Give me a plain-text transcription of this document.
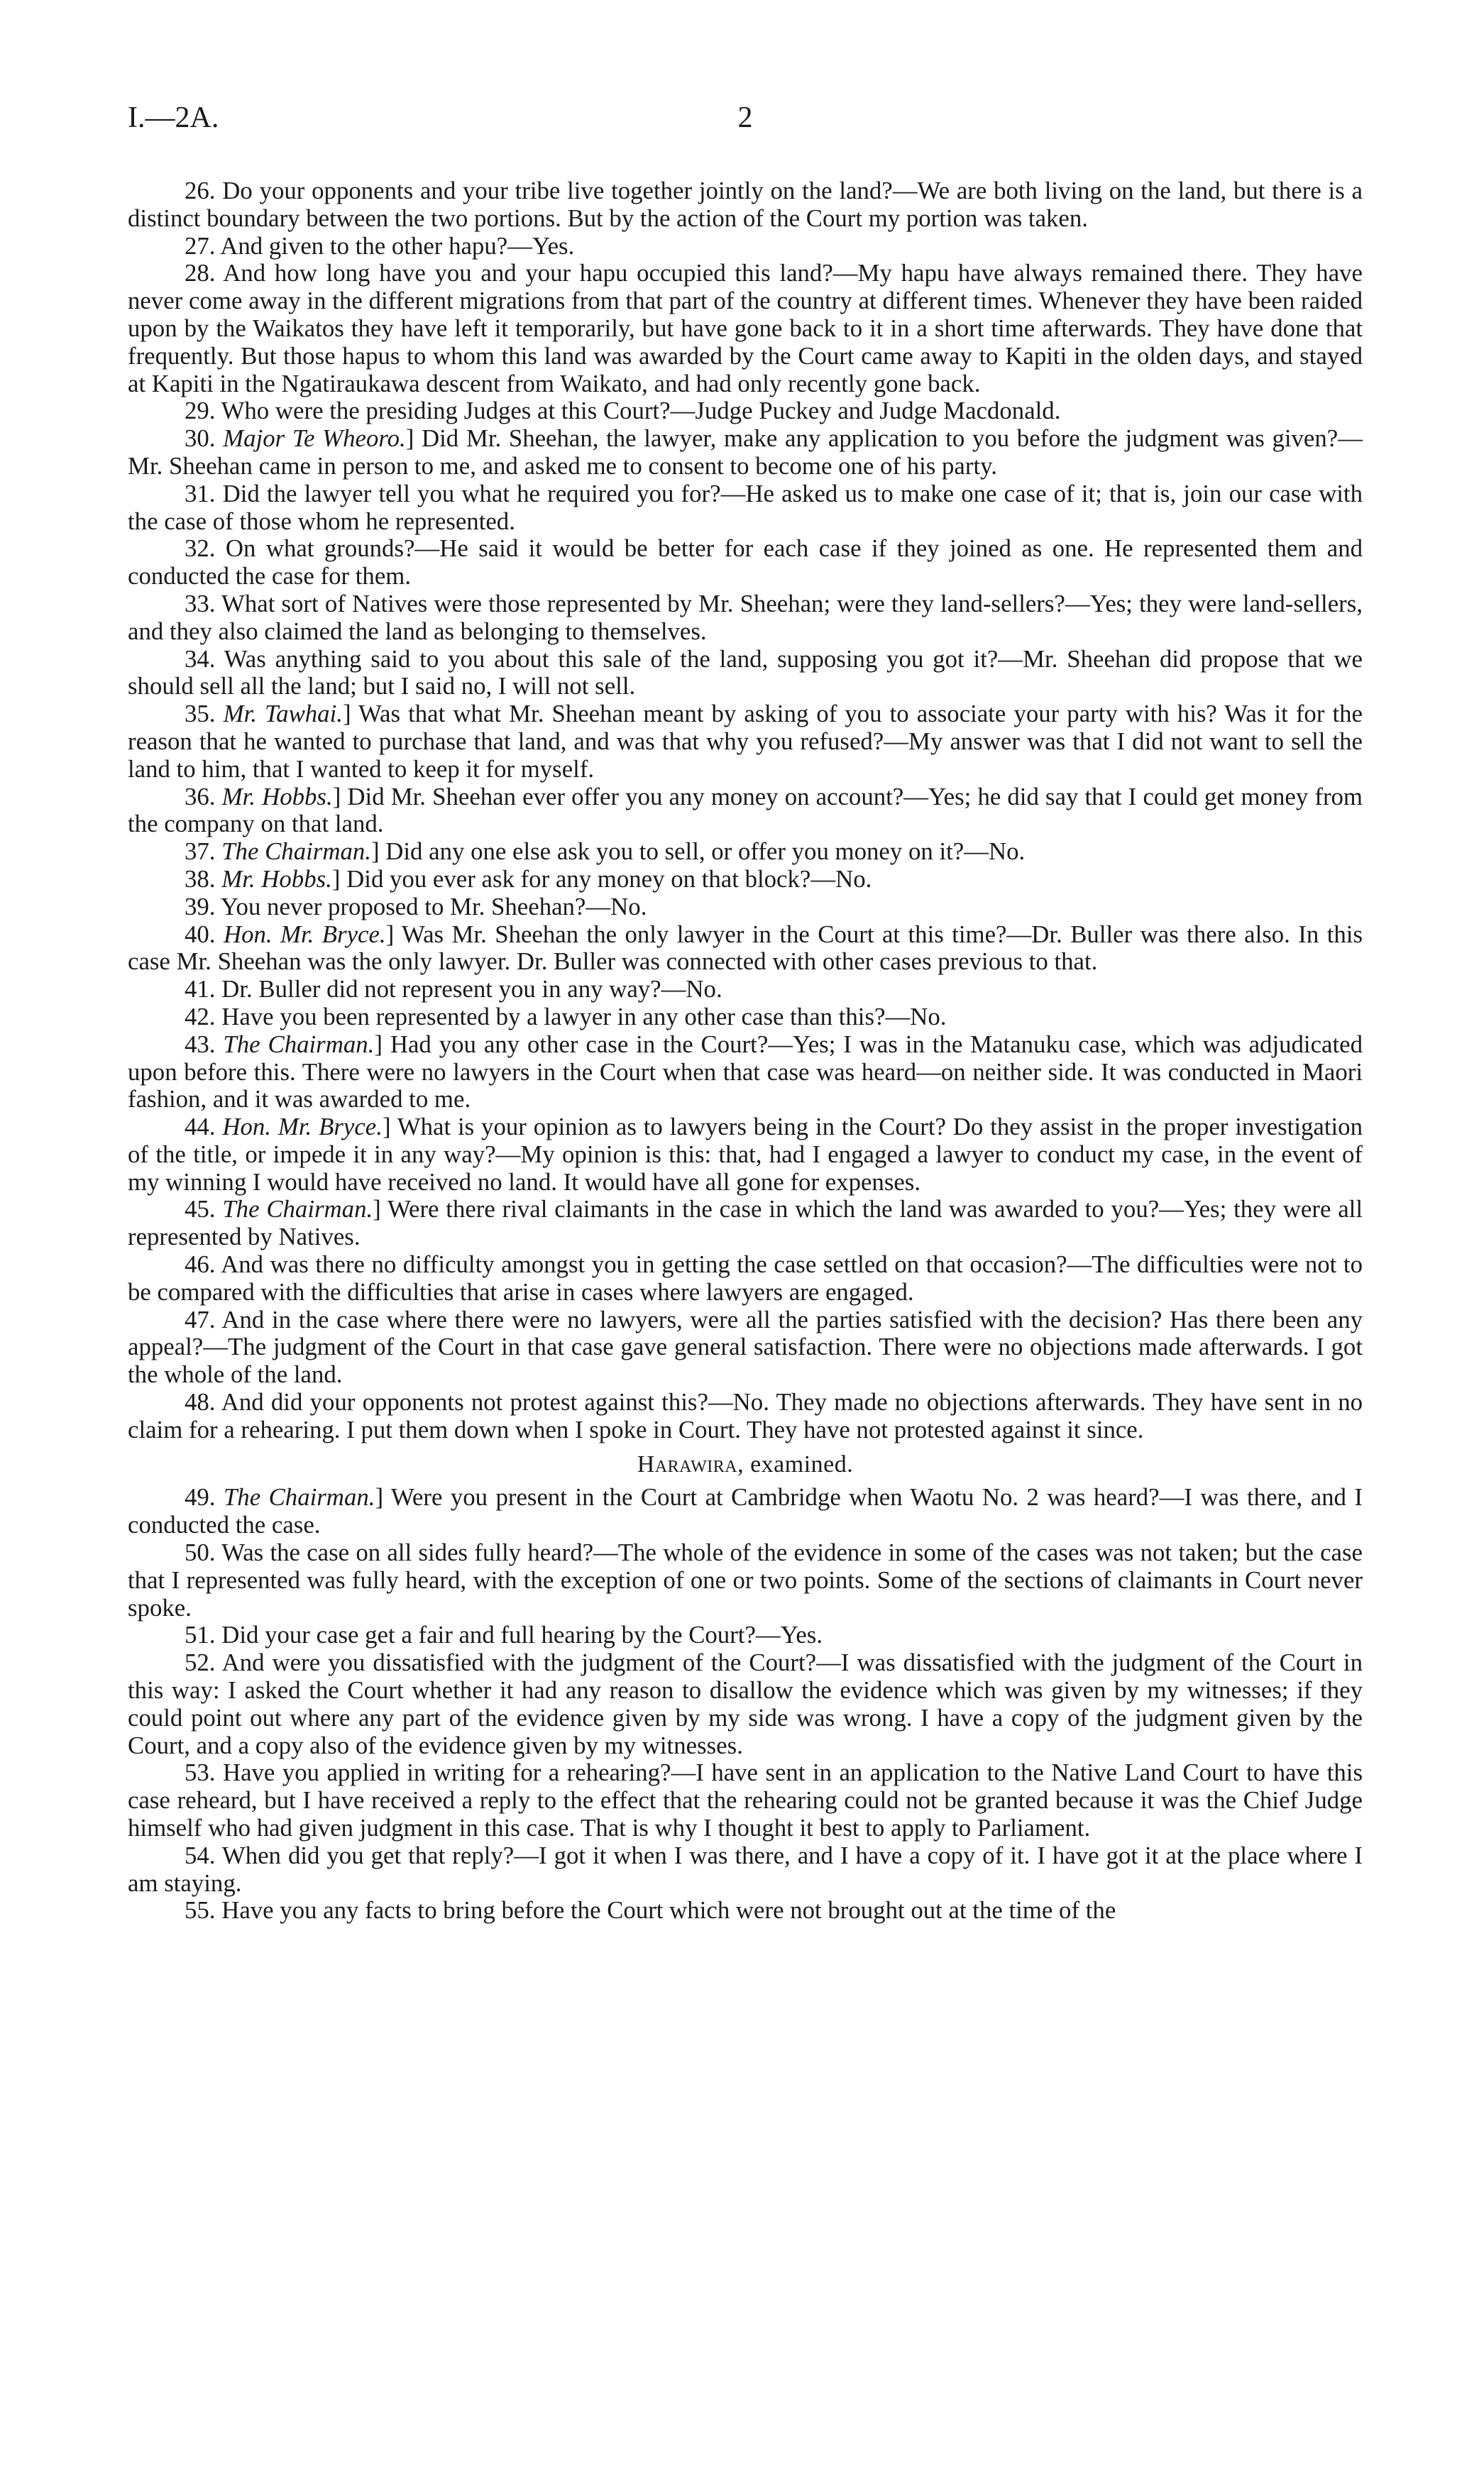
I.—2A.	2

26. Do your opponents and your tribe live together jointly on the land?—We are both living on the land, but there is a distinct boundary between the two portions. But by the action of the Court my portion was taken.

27. And given to the other hapu?—Yes.

28. And how long have you and your hapu occupied this land?—My hapu have always remained there. They have never come away in the different migrations from that part of the country at different times. Whenever they have been raided upon by the Waikatos they have left it temporarily, but have gone back to it in a short time afterwards. They have done that frequently. But those hapus to whom this land was awarded by the Court came away to Kapiti in the olden days, and stayed at Kapiti in the Ngatiraukawa descent from Waikato, and had only recently gone back.

29. Who were the presiding Judges at this Court?—Judge Puckey and Judge Macdonald.

30. Major Te Wheoro.] Did Mr. Sheehan, the lawyer, make any application to you before the judgment was given?—Mr. Sheehan came in person to me, and asked me to consent to become one of his party.

31. Did the lawyer tell you what he required you for?—He asked us to make one case of it; that is, join our case with the case of those whom he represented.

32. On what grounds?—He said it would be better for each case if they joined as one. He represented them and conducted the case for them.

33. What sort of Natives were those represented by Mr. Sheehan; were they land-sellers?—Yes; they were land-sellers, and they also claimed the land as belonging to themselves.

34. Was anything said to you about this sale of the land, supposing you got it?—Mr. Sheehan did propose that we should sell all the land; but I said no, I will not sell.

35. Mr. Tawhai.] Was that what Mr. Sheehan meant by asking of you to associate your party with his? Was it for the reason that he wanted to purchase that land, and was that why you refused?—My answer was that I did not want to sell the land to him, that I wanted to keep it for myself.

36. Mr. Hobbs.] Did Mr. Sheehan ever offer you any money on account?—Yes; he did say that I could get money from the company on that land.

37. The Chairman.] Did any one else ask you to sell, or offer you money on it?—No.

38. Mr. Hobbs.] Did you ever ask for any money on that block?—No.

39. You never proposed to Mr. Sheehan?—No.

40. Hon. Mr. Bryce.] Was Mr. Sheehan the only lawyer in the Court at this time?—Dr. Buller was there also. In this case Mr. Sheehan was the only lawyer. Dr. Buller was connected with other cases previous to that.

41. Dr. Buller did not represent you in any way?—No.

42. Have you been represented by a lawyer in any other case than this?—No.

43. The Chairman.] Had you any other case in the Court?—Yes; I was in the Matanuku case, which was adjudicated upon before this. There were no lawyers in the Court when that case was heard—on neither side. It was conducted in Maori fashion, and it was awarded to me.

44. Hon. Mr. Bryce.] What is your opinion as to lawyers being in the Court? Do they assist in the proper investigation of the title, or impede it in any way?—My opinion is this: that, had I engaged a lawyer to conduct my case, in the event of my winning I would have received no land. It would have all gone for expenses.

45. The Chairman.] Were there rival claimants in the case in which the land was awarded to you?—Yes; they were all represented by Natives.

46. And was there no difficulty amongst you in getting the case settled on that occasion?—The difficulties were not to be compared with the difficulties that arise in cases where lawyers are engaged.

47. And in the case where there were no lawyers, were all the parties satisfied with the decision? Has there been any appeal?—The judgment of the Court in that case gave general satisfaction. There were no objections made afterwards. I got the whole of the land.

48. And did your opponents not protest against this?—No. They made no objections afterwards. They have sent in no claim for a rehearing. I put them down when I spoke in Court. They have not protested against it since.

Harawira, examined.

49. The Chairman.] Were you present in the Court at Cambridge when Waotu No. 2 was heard?—I was there, and I conducted the case.

50. Was the case on all sides fully heard?—The whole of the evidence in some of the cases was not taken; but the case that I represented was fully heard, with the exception of one or two points. Some of the sections of claimants in Court never spoke.

51. Did your case get a fair and full hearing by the Court?—Yes.

52. And were you dissatisfied with the judgment of the Court?—I was dissatisfied with the judgment of the Court in this way: I asked the Court whether it had any reason to disallow the evidence which was given by my witnesses; if they could point out where any part of the evidence given by my side was wrong. I have a copy of the judgment given by the Court, and a copy also of the evidence given by my witnesses.

53. Have you applied in writing for a rehearing?—I have sent in an application to the Native Land Court to have this case reheard, but I have received a reply to the effect that the rehearing could not be granted because it was the Chief Judge himself who had given judgment in this case. That is why I thought it best to apply to Parliament.

54. When did you get that reply?—I got it when I was there, and I have a copy of it. I have got it at the place where I am staying.

55. Have you any facts to bring before the Court which were not brought out at the time of the
